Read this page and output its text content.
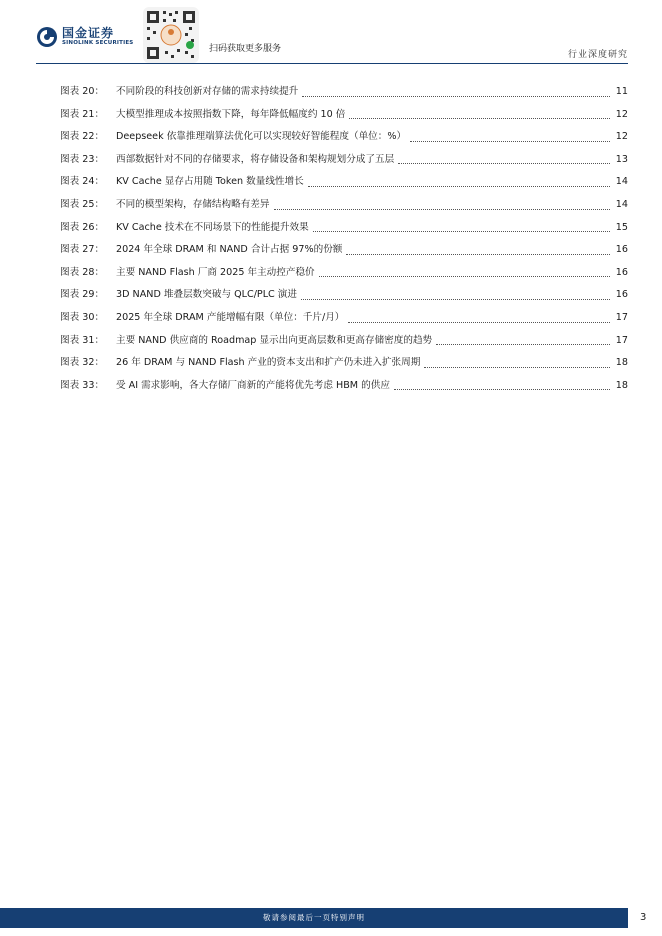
国金证券
SINOLINK SECURITIES
扫码获取更多服务
行业深度研究
图表 20：	不同阶段的科技创新对存储的需求持续提升	11
图表 21：	大模型推理成本按照指数下降，每年降低幅度约 10 倍	12
图表 22：	Deepseek 依靠推理端算法优化可以实现较好智能程度（单位：%）	12
图表 23：	西部数据针对不同的存储要求，将存储设备和架构规划分成了五层	13
图表 24：	KV Cache 显存占用随 Token 数量线性增长	14
图表 25：	不同的模型架构，存储结构略有差异	14
图表 26：	KV Cache 技术在不同场景下的性能提升效果	15
图表 27：	2024 年全球 DRAM 和 NAND 合计占据 97%的份额	16
图表 28：	主要 NAND Flash 厂商 2025 年主动控产稳价	16
图表 29：	3D NAND 堆叠层数突破与 QLC/PLC 演进	16
图表 30：	2025 年全球 DRAM 产能增幅有限（单位：千片/月）	17
图表 31：	主要 NAND 供应商的 Roadmap 显示出向更高层数和更高存储密度的趋势	17
图表 32：	26 年 DRAM 与 NAND Flash 产业的资本支出和扩产仍未进入扩张周期	18
图表 33：	受 AI 需求影响，各大存储厂商新的产能将优先考虑 HBM 的供应	18
敬请参阅最后一页特别声明	3
